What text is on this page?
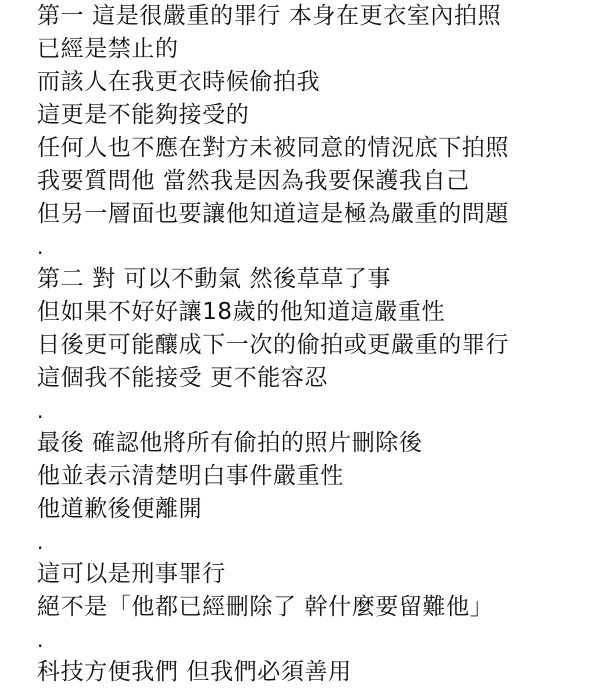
第一 這是很嚴重的罪行 本身在更衣室內拍照
已經是禁止的
而該人在我更衣時候偷拍我
這更是不能夠接受的
任何人也不應在對方未被同意的情況底下拍照
我要質問他 當然我是因為我要保護我自己
但另一層面也要讓他知道這是極為嚴重的問題
.
第二 對 可以不動氣 然後草草了事
但如果不好好讓18歲的他知道這嚴重性
日後更可能釀成下一次的偷拍或更嚴重的罪行
這個我不能接受 更不能容忍
.
最後 確認他將所有偷拍的照片刪除後
他並表示清楚明白事件嚴重性
他道歉後便離開
.
這可以是刑事罪行
絕不是「他都已經刪除了 幹什麼要留難他」
.
科技方便我們 但我們必須善用
